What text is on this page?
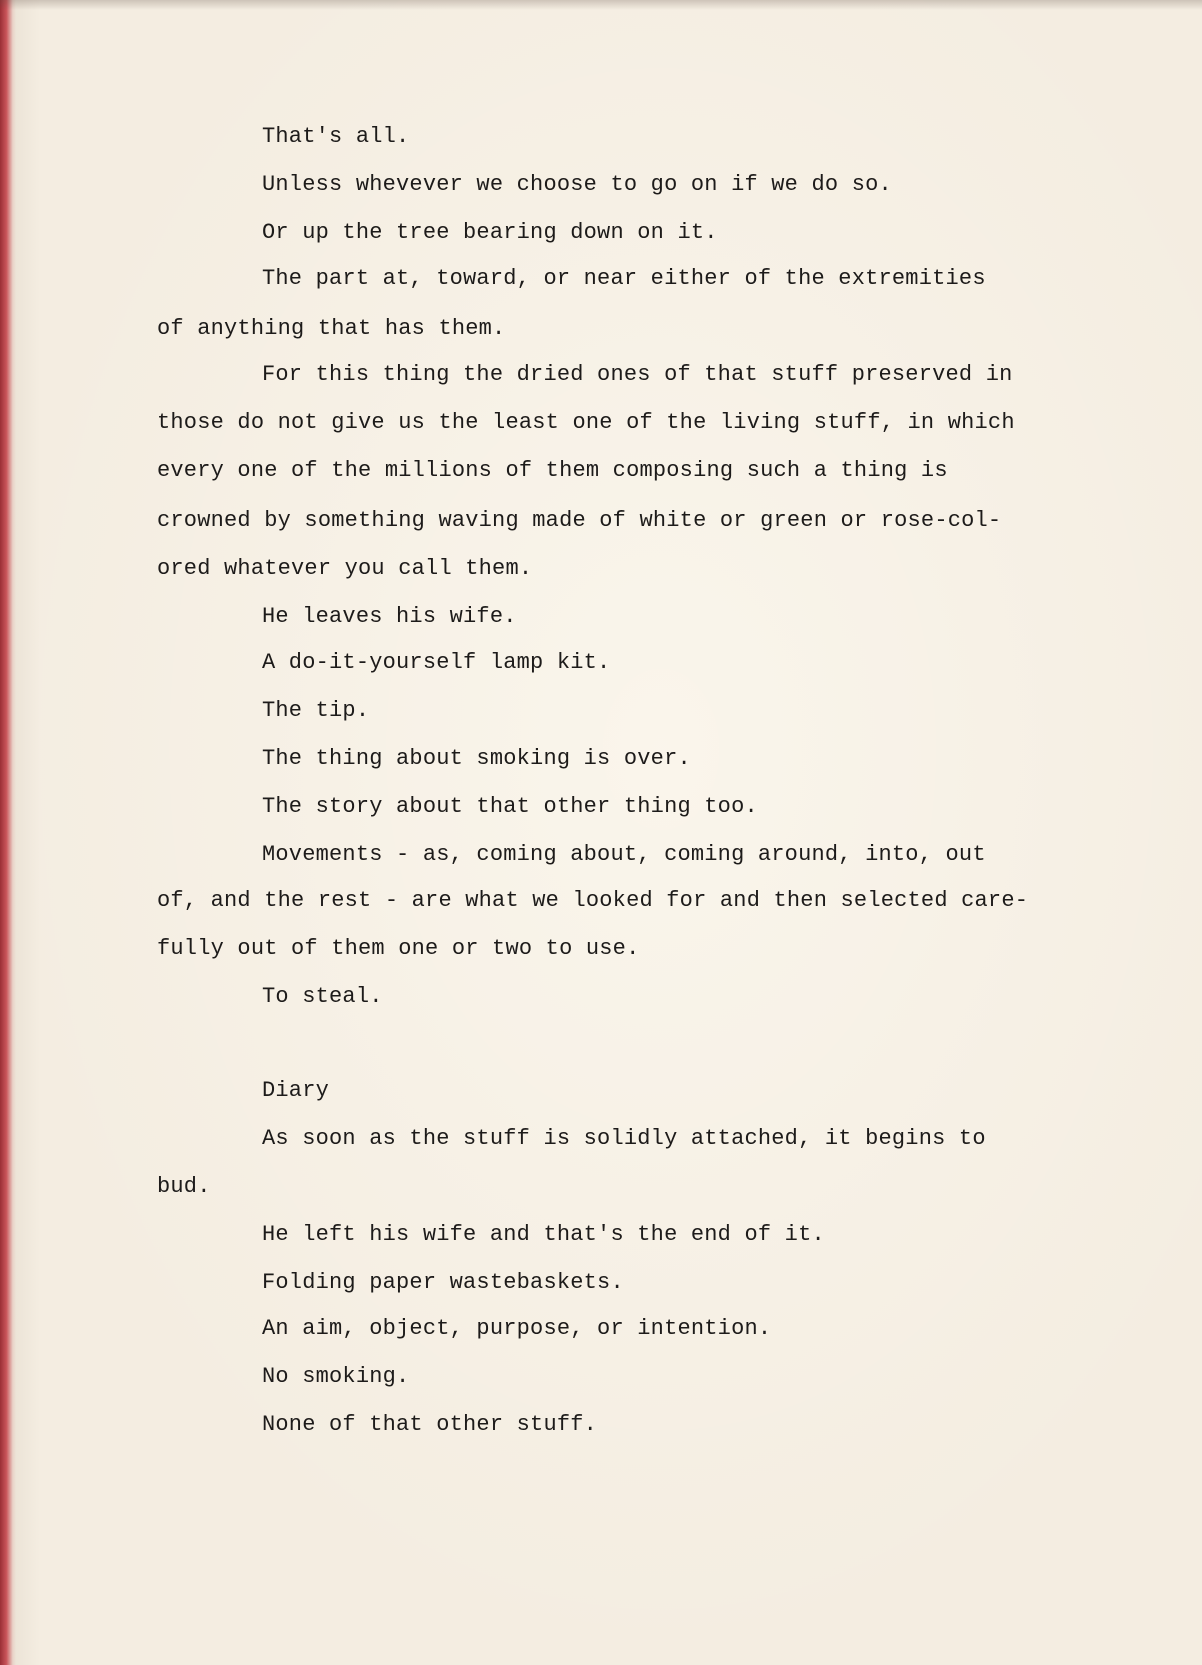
That's all.
Unless whevever we choose to go on if we do so.
Or up the tree bearing down on it.
The part at, toward, or near either of the extremities
of anything that has them.
For this thing the dried ones of that stuff preserved in
those do not give us the least one of the living stuff, in which
every one of the millions of them composing such a thing is
crowned by something waving made of white or green or rose-col-
ored whatever you call them.
He leaves his wife.
A do-it-yourself lamp kit.
The tip.
The thing about smoking is over.
The story about that other thing too.
Movements - as, coming about, coming around, into, out
of, and the rest - are what we looked for and then selected care-
fully out of them one or two to use.
To steal.
Diary
As soon as the stuff is solidly attached, it begins to
bud.
He left his wife and that's the end of it.
Folding paper wastebaskets.
An aim, object, purpose, or intention.
No smoking.
None of that other stuff.
